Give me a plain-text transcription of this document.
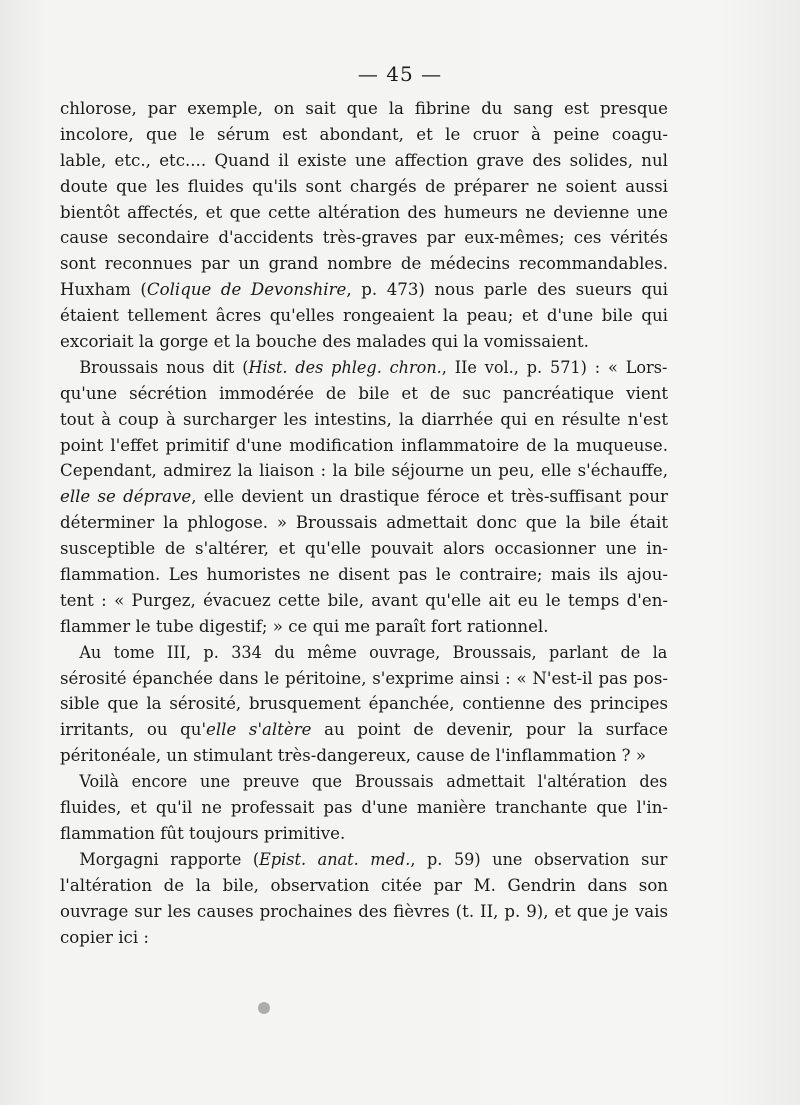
— 45 —
chlorose, par exemple, on sait que la fibrine du sang est presque
incolore, que le sérum est abondant, et le cruor à peine coagu-
lable, etc., etc.... Quand il existe une affection grave des solides, nul
doute que les fluides qu'ils sont chargés de préparer ne soient aussi
bientôt affectés, et que cette altération des humeurs ne devienne une
cause secondaire d'accidents très-graves par eux-mêmes; ces vérités
sont reconnues par un grand nombre de médecins recommandables.
Huxham (Colique de Devonshire, p. 473) nous parle des sueurs qui
étaient tellement âcres qu'elles rongeaient la peau; et d'une bile qui
excoriait la gorge et la bouche des malades qui la vomissaient.
Broussais nous dit (Hist. des phleg. chron., IIe vol., p. 571) : « Lors-
qu'une sécrétion immodérée de bile et de suc pancréatique vient
tout à coup à surcharger les intestins, la diarrhée qui en résulte n'est
point l'effet primitif d'une modification inflammatoire de la muqueuse.
Cependant, admirez la liaison : la bile séjourne un peu, elle s'échauffe,
elle se déprave, elle devient un drastique féroce et très-suffisant pour
déterminer la phlogose. » Broussais admettait donc que la bile était
susceptible de s'altérer, et qu'elle pouvait alors occasionner une in-
flammation. Les humoristes ne disent pas le contraire; mais ils ajou-
tent : « Purgez, évacuez cette bile, avant qu'elle ait eu le temps d'en-
flammer le tube digestif; » ce qui me paraît fort rationnel.
Au tome III, p. 334 du même ouvrage, Broussais, parlant de la
sérosité épanchée dans le péritoine, s'exprime ainsi : « N'est-il pas pos-
sible que la sérosité, brusquement épanchée, contienne des principes
irritants, ou qu'elle s'altère au point de devenir, pour la surface
péritonéale, un stimulant très-dangereux, cause de l'inflammation ? »
Voilà encore une preuve que Broussais admettait l'altération des
fluides, et qu'il ne professait pas d'une manière tranchante que l'in-
flammation fût toujours primitive.
Morgagni rapporte (Epist. anat. med., p. 59) une observation sur
l'altération de la bile, observation citée par M. Gendrin dans son
ouvrage sur les causes prochaines des fièvres (t. II, p. 9), et que je vais
copier ici :
